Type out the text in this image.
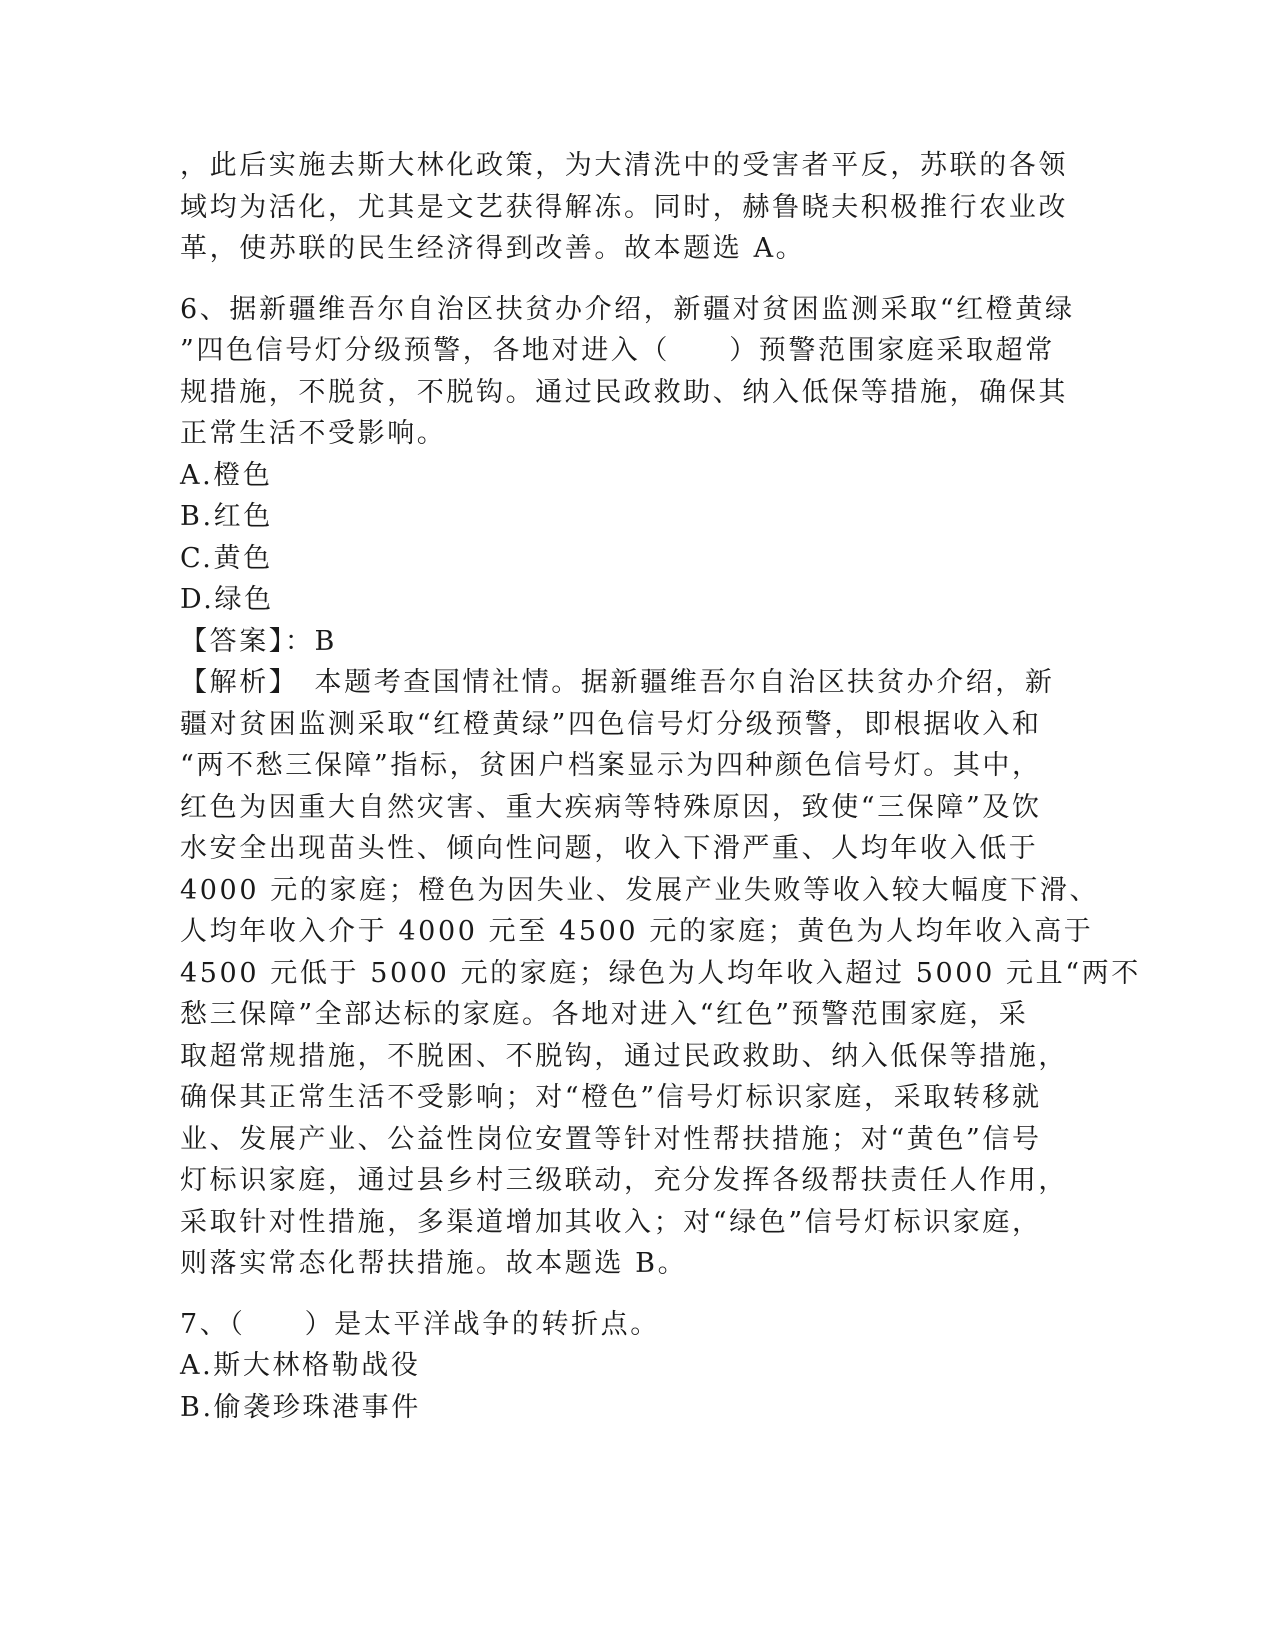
，此后实施去斯大林化政策，为大清洗中的受害者平反，苏联的各领
域均为活化，尤其是文艺获得解冻。同时，赫鲁晓夫积极推行农业改
革，使苏联的民生经济得到改善。故本题选 A。
6、据新疆维吾尔自治区扶贫办介绍，新疆对贫困监测采取“红橙黄绿
”四色信号灯分级预警，各地对进入（　　）预警范围家庭采取超常
规措施，不脱贫，不脱钩。通过民政救助、纳入低保等措施，确保其
正常生活不受影响。
A.橙色
B.红色
C.黄色
D.绿色
【答案】：B
【解析】　本题考查国情社情。据新疆维吾尔自治区扶贫办介绍，新
疆对贫困监测采取“红橙黄绿”四色信号灯分级预警，即根据收入和
“两不愁三保障”指标，贫困户档案显示为四种颜色信号灯。其中，
红色为因重大自然灾害、重大疾病等特殊原因，致使“三保障”及饮
水安全出现苗头性、倾向性问题，收入下滑严重、人均年收入低于
4000 元的家庭；橙色为因失业、发展产业失败等收入较大幅度下滑、
人均年收入介于 4000 元至 4500 元的家庭；黄色为人均年收入高于
4500 元低于 5000 元的家庭；绿色为人均年收入超过 5000 元且“两不
愁三保障”全部达标的家庭。各地对进入“红色”预警范围家庭，采
取超常规措施，不脱困、不脱钩，通过民政救助、纳入低保等措施，
确保其正常生活不受影响；对“橙色”信号灯标识家庭，采取转移就
业、发展产业、公益性岗位安置等针对性帮扶措施；对“黄色”信号
灯标识家庭，通过县乡村三级联动，充分发挥各级帮扶责任人作用，
采取针对性措施，多渠道增加其收入；对“绿色”信号灯标识家庭，
则落实常态化帮扶措施。故本题选 B。
7、（　　）是太平洋战争的转折点。
A.斯大林格勒战役
B.偷袭珍珠港事件
